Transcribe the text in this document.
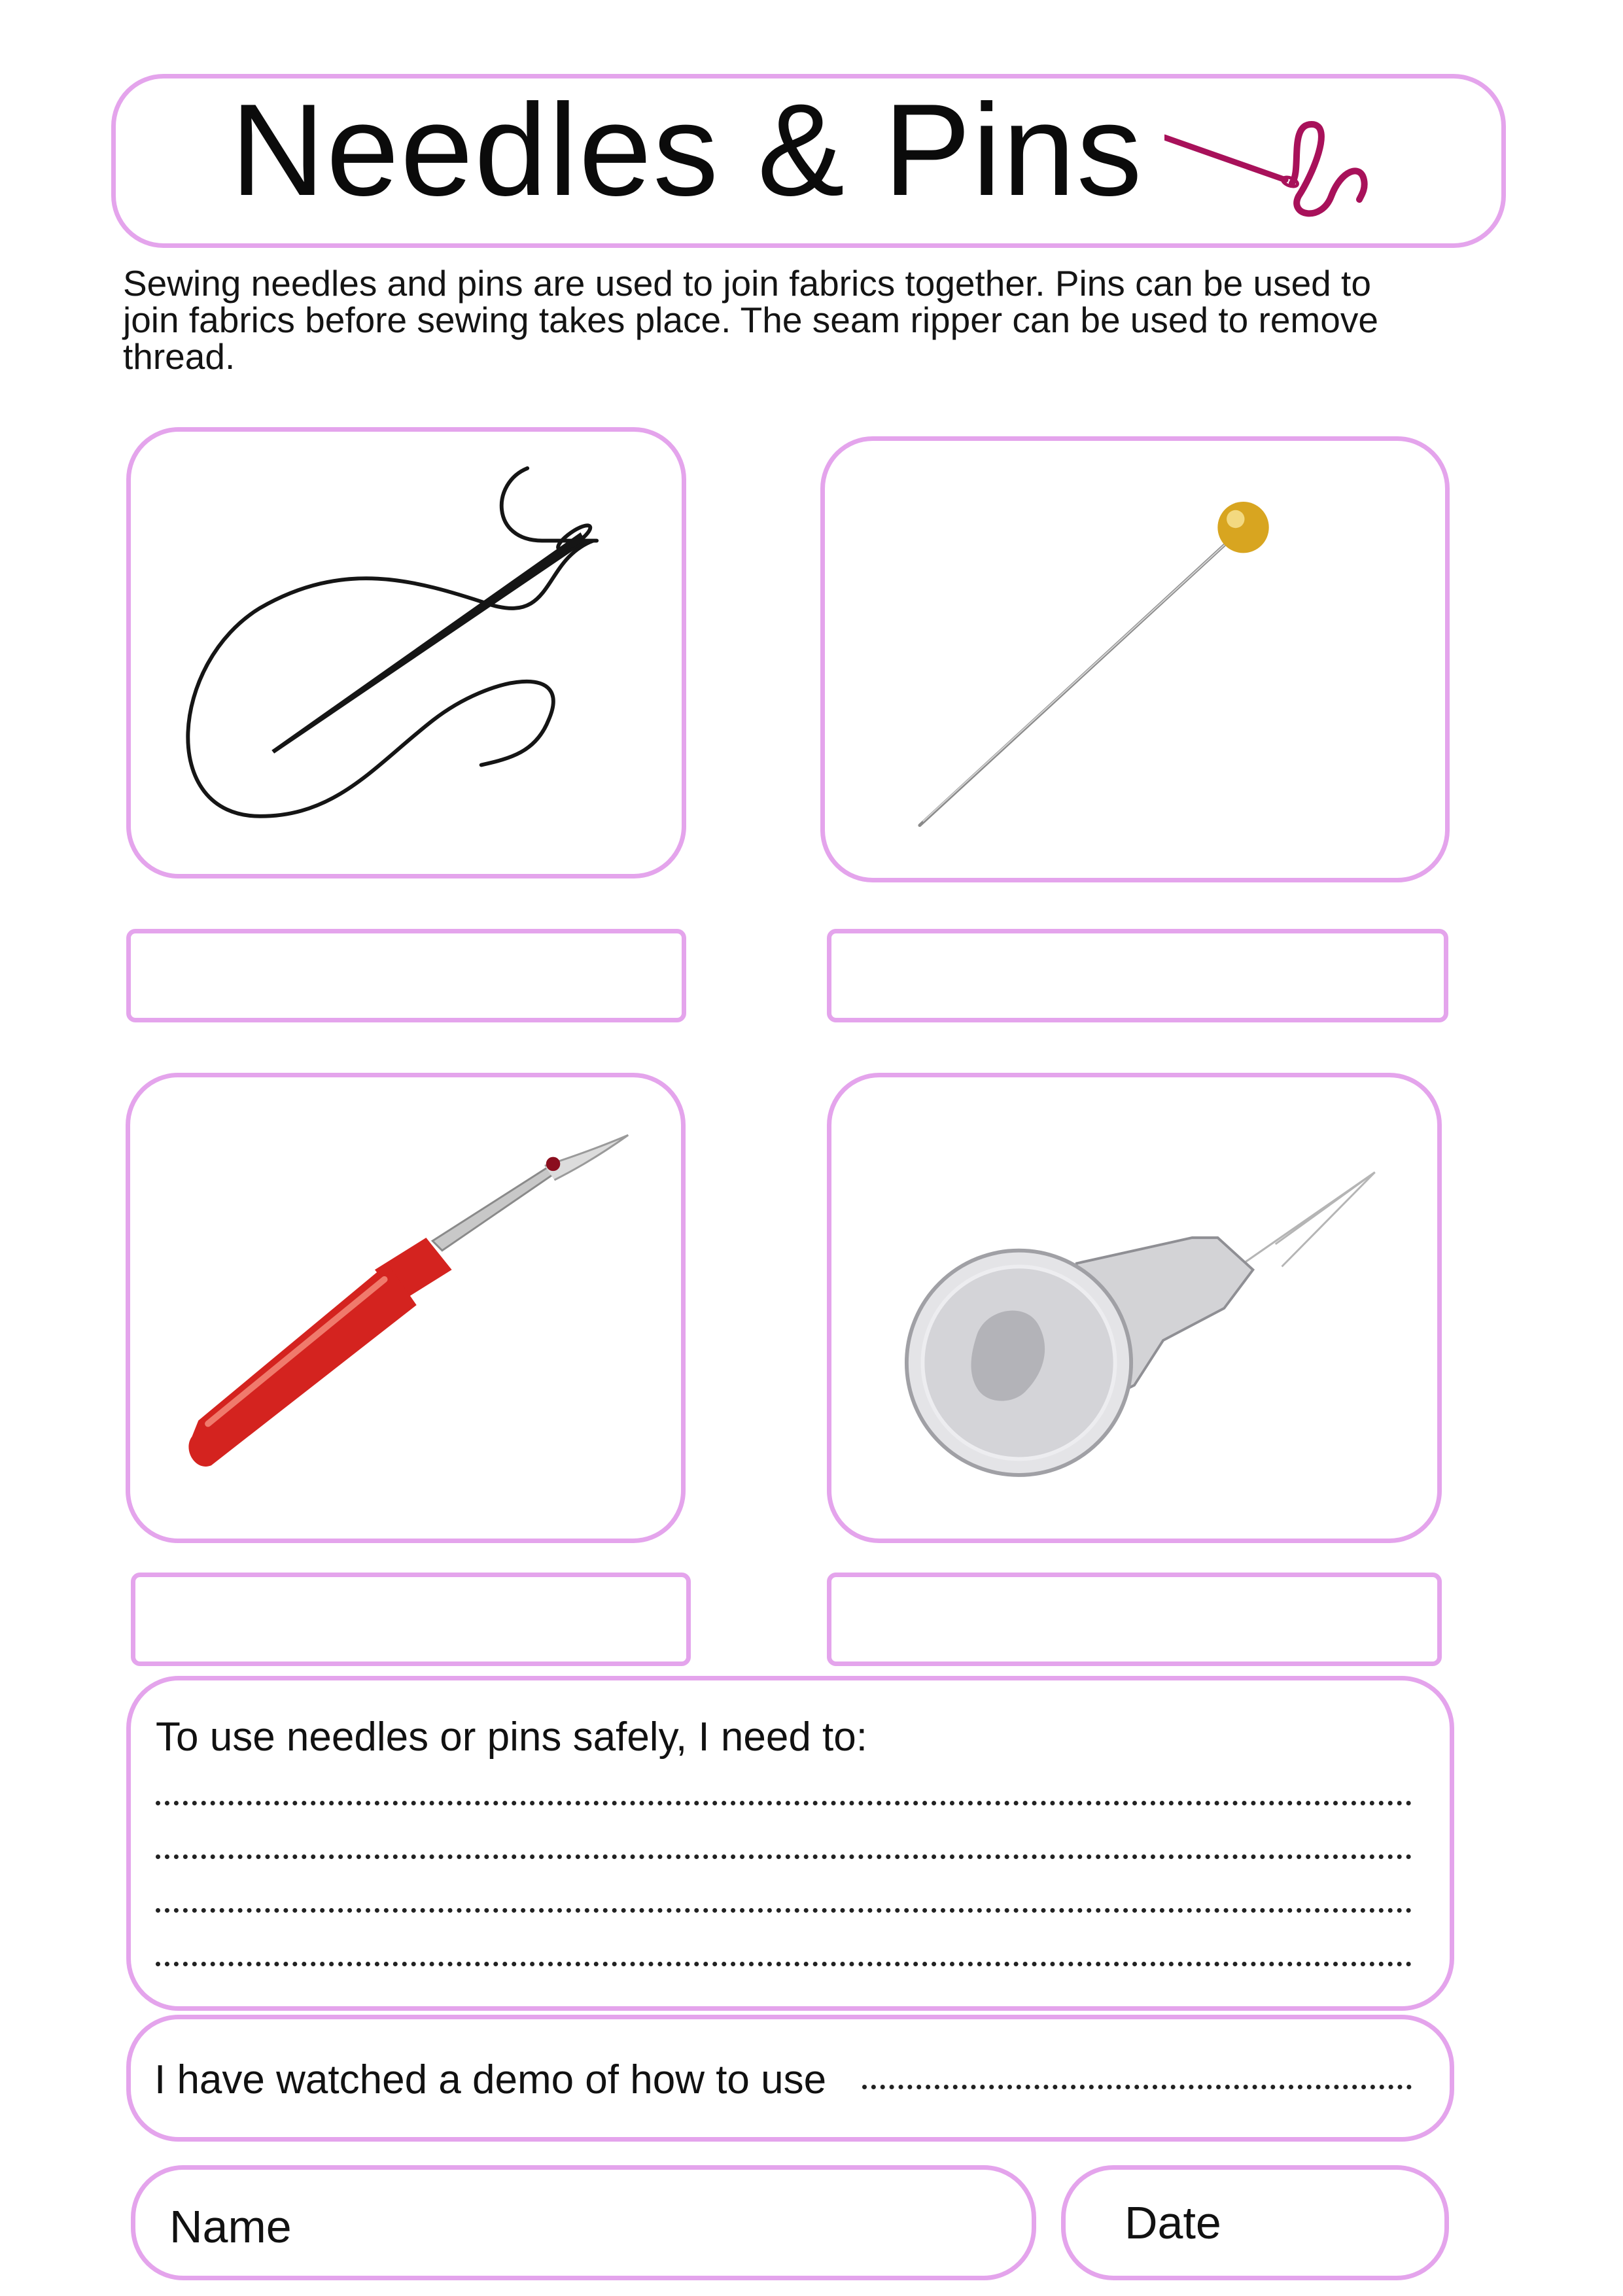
Needles & Pins

Sewing needles and pins are used to join fabrics together. Pins can be used to join fabrics before sewing takes place. The seam ripper can be used to remove thread.

To use needles or pins safely, I need to:
I have watched a demo of how to use
Name	Date
